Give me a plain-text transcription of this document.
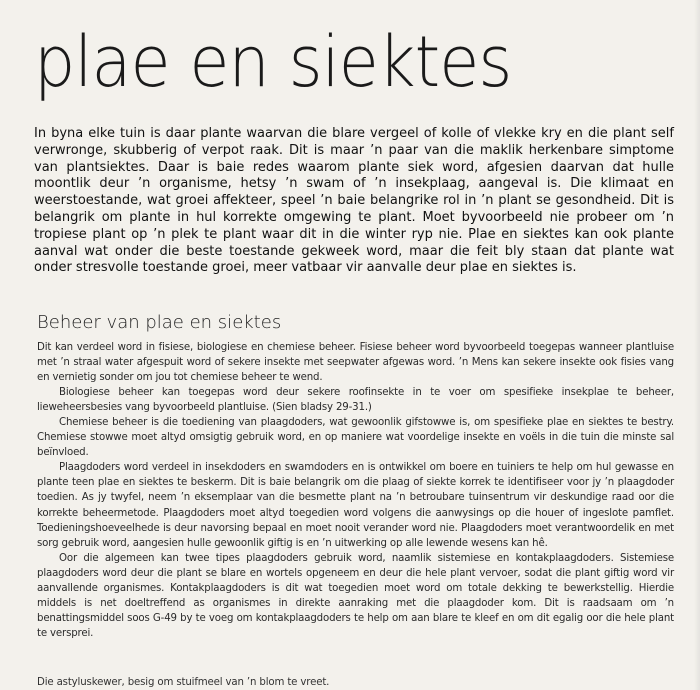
plae en siektes

In byna elke tuin is daar plante waarvan die blare vergeel of kolle of vlekke kry en die plant self verwronge, skubberig of verpot raak. Dit is maar ’n paar van die maklik herkenbare simptome van plantsiektes. Daar is baie redes waarom plante siek word, afgesien daarvan dat hulle moontlik deur ’n organisme, hetsy ’n swam of ’n insekplaag, aangeval is. Die klimaat en weerstoestande, wat groei affekteer, speel ’n baie belangrike rol in ’n plant se gesondheid. Dit is belangrik om plante in hul korrekte omgewing te plant. Moet byvoorbeeld nie probeer om ’n tropiese plant op ’n plek te plant waar dit in die winter ryp nie. Plae en siektes kan ook plante aanval wat onder die beste toestande gekweek word, maar die feit bly staan dat plante wat onder stresvolle toestande groei, meer vatbaar vir aanvalle deur plae en siektes is.

Beheer van plae en siektes

Dit kan verdeel word in fisiese, biologiese en chemiese beheer. Fisiese beheer word byvoorbeeld toegepas wanneer plantluise met ’n straal water afgespuit word of sekere insekte met seepwater afgewas word. ’n Mens kan sekere insekte ook fisies vang en vernietig sonder om jou tot chemiese beheer te wend.

Biologiese beheer kan toegepas word deur sekere roofinsekte in te voer om spesifieke insekplae te beheer, lieweheersbesies vang byvoorbeeld plantluise. (Sien bladsy 29-31.)

Chemiese beheer is die toediening van plaagdoders, wat gewoonlik gifstowwe is, om spesifieke plae en siektes te bestry. Chemiese stowwe moet altyd omsigtig gebruik word, en op maniere wat voordelige insekte en voëls in die tuin die minste sal beïnvloed.

Plaagdoders word verdeel in insekdoders en swamdoders en is ontwikkel om boere en tuiniers te help om hul gewasse en plante teen plae en siektes te beskerm. Dit is baie belangrik om die plaag of siekte korrek te identifiseer voor jy ’n plaagdoder toedien. As jy twyfel, neem ’n eksemplaar van die besmette plant na ’n betroubare tuinsentrum vir deskundige raad oor die korrekte beheermetode. Plaagdoders moet altyd toegedien word volgens die aanwysings op die houer of ingeslote pamflet. Toedieningshoeveelhede is deur navorsing bepaal en moet nooit verander word nie. Plaagdoders moet verantwoordelik en met sorg gebruik word, aangesien hulle gewoonlik giftig is en ’n uitwerking op alle lewende wesens kan hê.

Oor die algemeen kan twee tipes plaagdoders gebruik word, naamlik sistemiese en kontakplaagdoders. Sistemiese plaagdoders word deur die plant se blare en wortels opgeneem en deur die hele plant vervoer, sodat die plant giftig word vir aanvallende organismes. Kontakplaagdoders is dit wat toegedien moet word om totale dekking te bewerkstellig. Hierdie middels is net doeltreffend as organismes in direkte aanraking met die plaagdoder kom. Dit is raadsaam om ’n benattingsmiddel soos G-49 by te voeg om kontakplaagdoders te help om aan blare te kleef en om dit egalig oor die hele plant te versprei.

Die astyluskewer, besig om stuifmeel van ’n blom te vreet.
